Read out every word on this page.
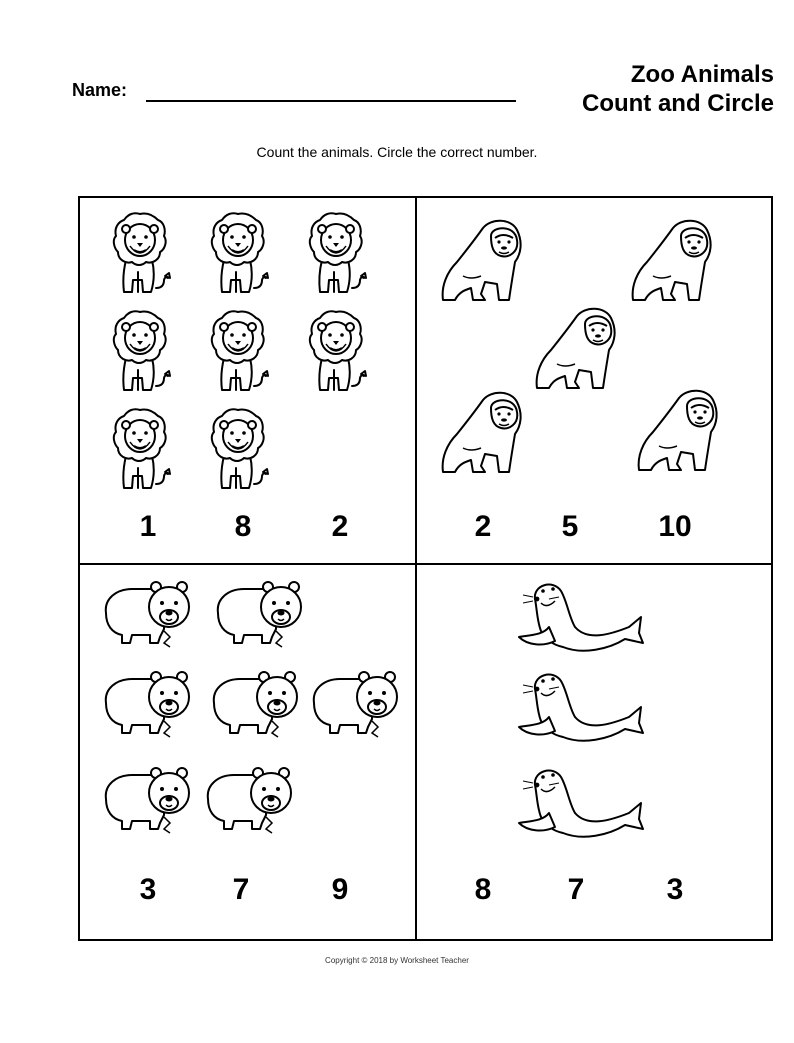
Name:
Zoo Animals
Count and Circle
Count the animals. Circle the correct number.
1	8	2	2	5	10
3	7	9	8	7	3
Copyright © 2018 by Worksheet Teacher
